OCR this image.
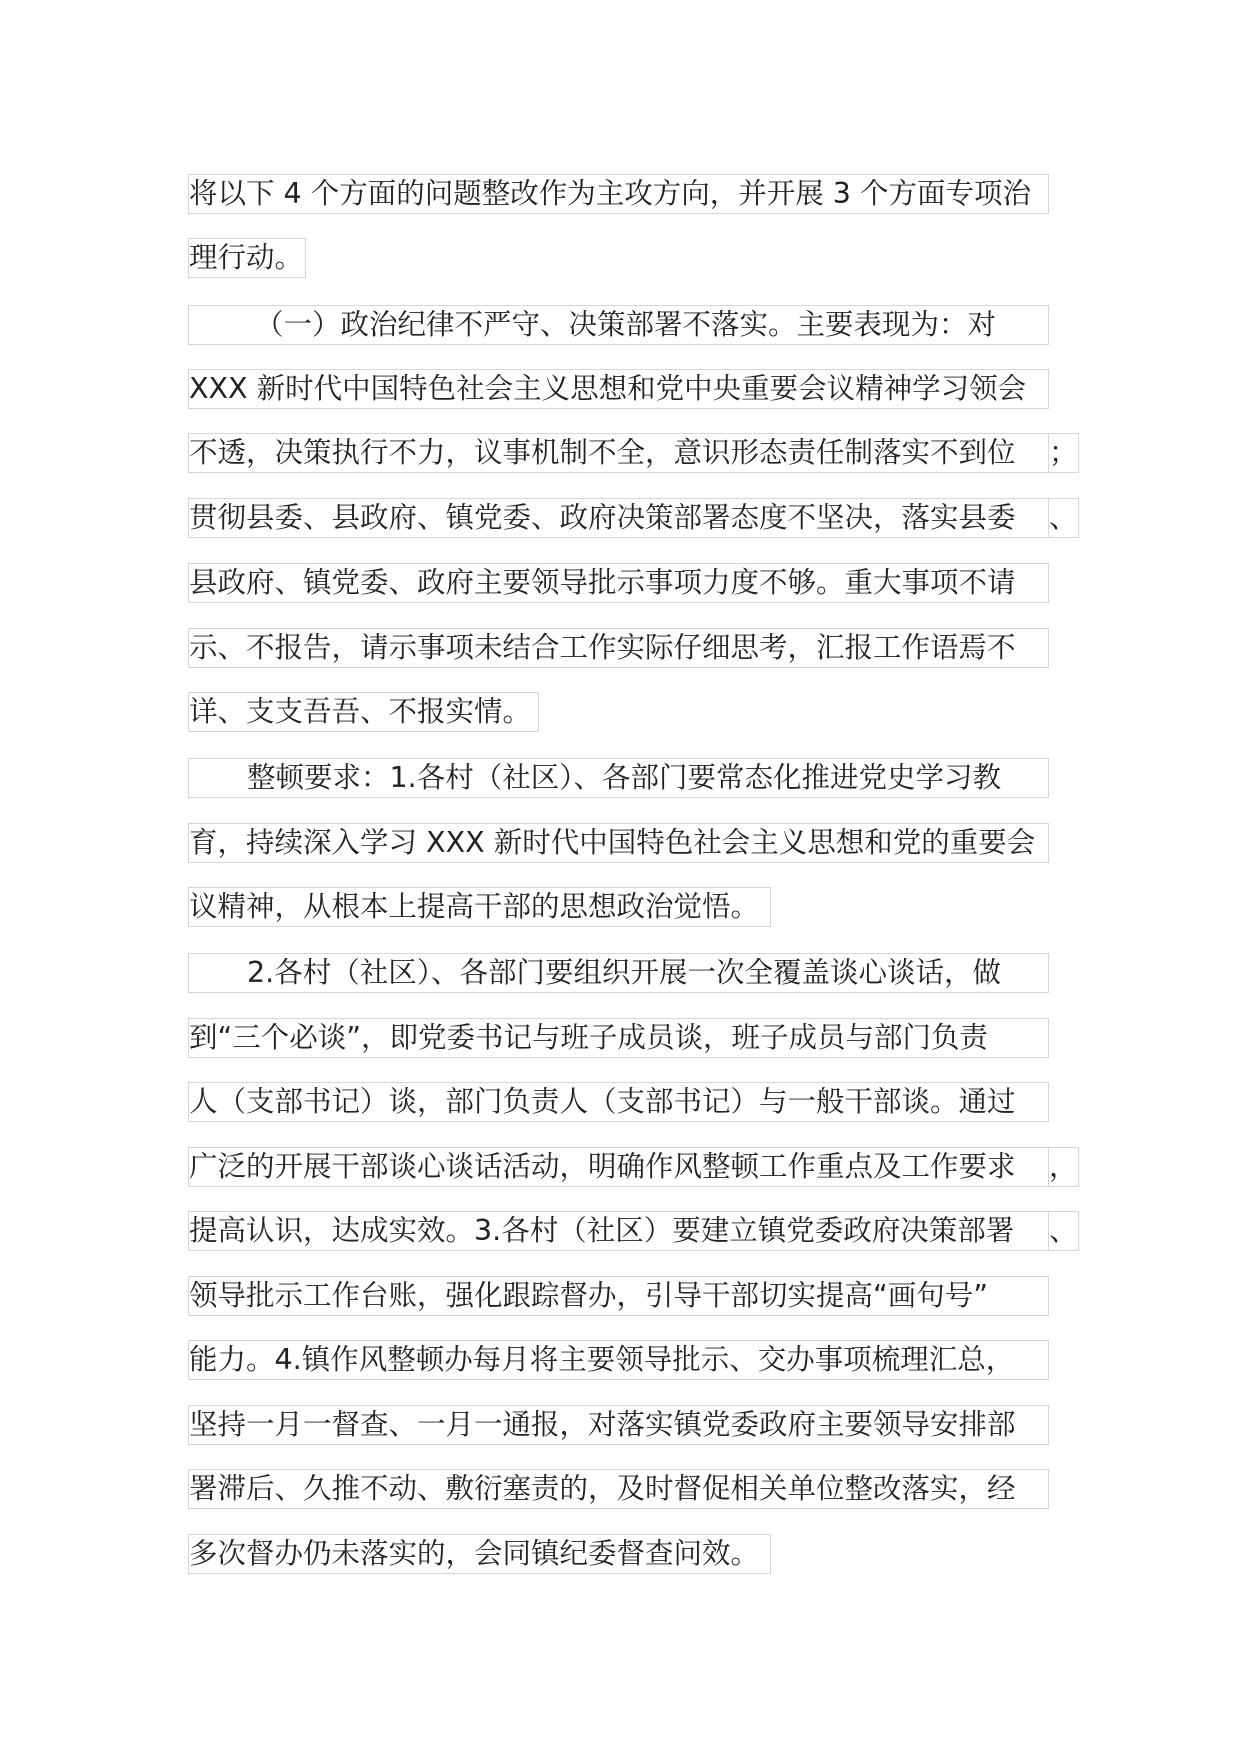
将以下 4 个方面的问题整改作为主攻方向，并开展 3 个方面专项治
理行动。
（一）政治纪律不严守、决策部署不落实。主要表现为：对
XXX 新时代中国特色社会主义思想和党中央重要会议精神学习领会
不透，决策执行不力，议事机制不全，意识形态责任制落实不到位	；
贯彻县委、县政府、镇党委、政府决策部署态度不坚决，落实县委	、
县政府、镇党委、政府主要领导批示事项力度不够。重大事项不请
示、不报告，请示事项未结合工作实际仔细思考，汇报工作语焉不
详、支支吾吾、不报实情。
整顿要求：1.各村（社区）、各部门要常态化推进党史学习教
育，持续深入学习 XXX 新时代中国特色社会主义思想和党的重要会
议精神，从根本上提高干部的思想政治觉悟。
2.各村（社区）、各部门要组织开展一次全覆盖谈心谈话，做
到“三个必谈”，即党委书记与班子成员谈，班子成员与部门负责
人（支部书记）谈，部门负责人（支部书记）与一般干部谈。通过
广泛的开展干部谈心谈话活动，明确作风整顿工作重点及工作要求	，
提高认识，达成实效。3.各村（社区）要建立镇党委政府决策部署	、
领导批示工作台账，强化跟踪督办，引导干部切实提高“画句号”
能力。4.镇作风整顿办每月将主要领导批示、交办事项梳理汇总，
坚持一月一督查、一月一通报，对落实镇党委政府主要领导安排部
署滞后、久推不动、敷衍塞责的，及时督促相关单位整改落实，经
多次督办仍未落实的，会同镇纪委督查问效。
